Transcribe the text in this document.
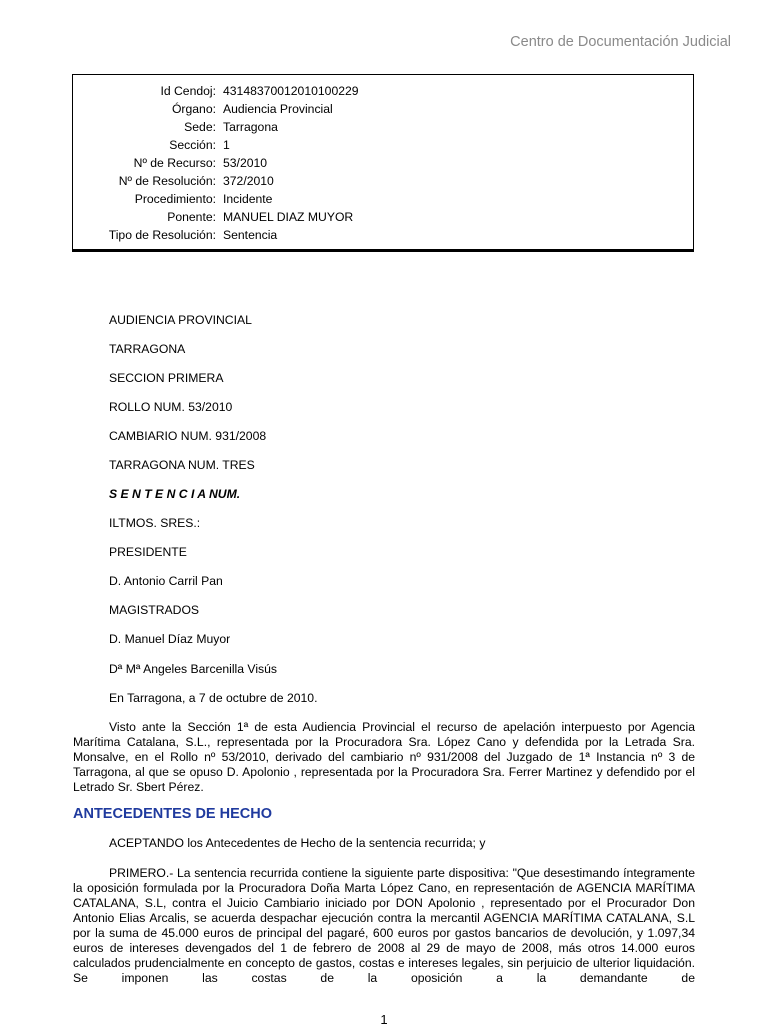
Centro de Documentación Judicial
Id Cendoj: 43148370012010100229
Órgano: Audiencia Provincial
Sede: Tarragona
Sección: 1
Nº de Recurso: 53/2010
Nº de Resolución: 372/2010
Procedimiento: Incidente
Ponente: MANUEL DIAZ MUYOR
Tipo de Resolución: Sentencia
AUDIENCIA PROVINCIAL
TARRAGONA
SECCION PRIMERA
ROLLO NUM. 53/2010
CAMBIARIO NUM. 931/2008
TARRAGONA NUM. TRES
S E N T E N C I A NUM.
ILTMOS. SRES.:
PRESIDENTE
D. Antonio Carril Pan
MAGISTRADOS
D. Manuel Díaz Muyor
Dª Mª Angeles Barcenilla Visús
En Tarragona, a 7 de octubre de 2010.
Visto ante la Sección 1ª de esta Audiencia Provincial el recurso de apelación interpuesto por Agencia Marítima Catalana, S.L., representada por la Procuradora Sra. López Cano y defendida por la Letrada Sra. Monsalve, en el Rollo nº 53/2010, derivado del cambiario nº 931/2008 del Juzgado de 1ª Instancia nº 3 de Tarragona, al que se opuso D. Apolonio , representada por la Procuradora Sra. Ferrer Martinez y defendido por el Letrado Sr. Sbert Pérez.
ANTECEDENTES DE HECHO
ACEPTANDO los Antecedentes de Hecho de la sentencia recurrida; y
PRIMERO.- La sentencia recurrida contiene la siguiente parte dispositiva: "Que desestimando íntegramente la oposición formulada por la Procuradora Doña Marta López Cano, en representación de AGENCIA MARÍTIMA CATALANA, S.L, contra el Juicio Cambiario iniciado por DON Apolonio , representado por el Procurador Don Antonio Elias Arcalis, se acuerda despachar ejecución contra la mercantil AGENCIA MARÍTIMA CATALANA, S.L por la suma de 45.000 euros de principal del pagaré, 600 euros por gastos bancarios de devolución, y 1.097,34 euros de intereses devengados del 1 de febrero de 2008 al 29 de mayo de 2008, más otros 14.000 euros calculados prudencialmente en concepto de gastos, costas e intereses legales, sin perjuicio de ulterior liquidación. Se imponen las costas de la oposición a la demandante de
1
